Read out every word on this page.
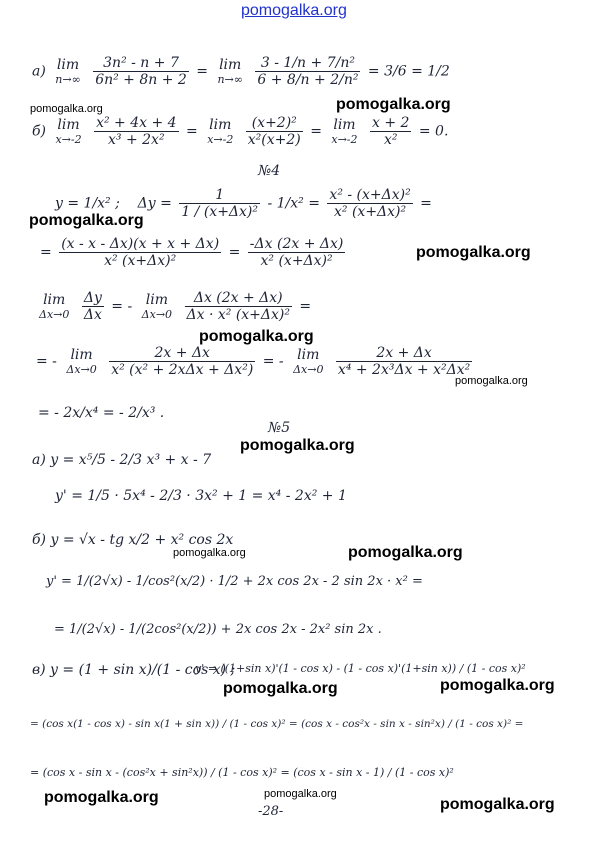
pomogalka.org
а) lim
n→∞
$\frac{\text{3n² - n + 7}}{\text{6n² + 8n + 2}} = \lim$
n→∞
$\frac{\text{3 - 1/n + 7/n²}}{\text{6 + 8/n + 2/n²}} = 3/6 = 1/2$
б) lim
x→-2
$\frac{\text{x² + 4x + 4}}{\text{x³ + 2x²}} = \lim$
x→-2
$\frac{\text{(x+2)²}}{\text{x²(x+2)}} = \lim$
x→-2
$\frac{x + 2}{\text{x²}} = 0$.
№4
y = 1/x² ; $\Delta y = \frac{1}{\text{1 / (x+Δx)²}} - 1/x^2 = \frac{\text{x² - (x+Δx)²}}{\text{x² (x+Δx)²}}$ =
= $\frac{(x - x - \Delta x)(x + x + \Delta x)}{\text{x² (x+Δx)²}} = \frac{-\Delta x (2x + \Delta x)}{\text{x² (x+Δx)²}}$
lim
Δx→0
$\frac{\Delta y}{\Delta x}$ = - lim
Δx→0
$\frac{\Delta x (2x + \Delta x)}{\text{Δx · x² (x+Δx)²}}$ =
= - lim
Δx→0
$\frac{2x + \Delta x}{\text{x² (x² + 2xΔx + Δx²)}}$ = - lim
Δx→0
$\frac{2x + \Delta x}{\text{x⁴ + 2x³Δx + x²Δx²}}$
= - 2x/x⁴ = - 2/x³ .
№5
а) y = x⁵/5 - 2/3 x³ + x - 7
y' = 1/5 · 5x⁴ - 2/3 · 3x² + 1 = x⁴ - 2x² + 1
б) y = √x - tg x/2 + x² cos 2x
y' = 1/(2√x) - 1/cos²(x/2) · 1/2 + 2x cos 2x - 2 sin 2x · x² =
= 1/(2√x) - 1/(2cos²(x/2)) + 2x cos 2x - 2x² sin 2x .
в) y = (1 + sin x)/(1 - cos x) ;
y' = ((1+sin x)'(1 - cos x) - (1 - cos x)'(1+sin x)) / (1 - cos x)²
= (cos x(1 - cos x) - sin x(1 + sin x)) / (1 - cos x)² = (cos x - cos²x - sin x - sin²x) / (1 - cos x)² =
= (cos x - sin x - (cos²x + sin²x)) / (1 - cos x)² = (cos x - sin x - 1) / (1 - cos x)²
-28-
pomogalka.org	pomogalka.org
pomogalka.org
pomogalka.org
pomogalka.org
pomogalka.org
pomogalka.org
pomogalka.org	pomogalka.org
pomogalka.org	pomogalka.org
pomogalka.org	pomogalka.org
pomogalka.org
